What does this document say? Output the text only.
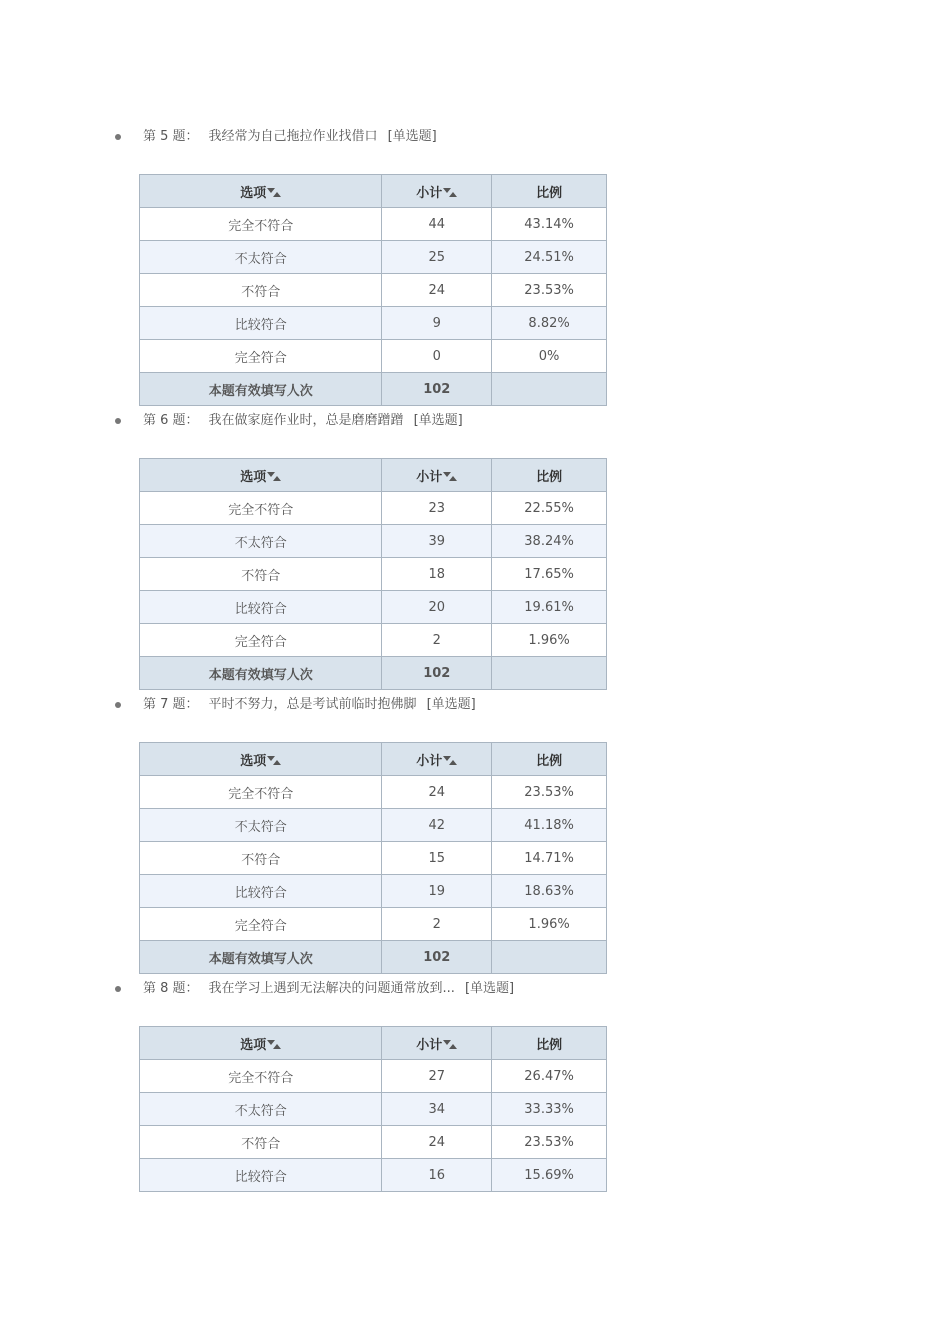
第 5 题： 我经常为自己拖拉作业找借口 [单选题]
选项	小计	比例
完全不符合	44	43.14%
不太符合	25	24.51%
不符合	24	23.53%
比较符合	9	8.82%
完全符合	0	0%
本题有效填写人次	102	
第 6 题： 我在做家庭作业时，总是磨磨蹭蹭 [单选题]
选项	小计	比例
完全不符合	23	22.55%
不太符合	39	38.24%
不符合	18	17.65%
比较符合	20	19.61%
完全符合	2	1.96%
本题有效填写人次	102	
第 7 题： 平时不努力，总是考试前临时抱佛脚 [单选题]
选项	小计	比例
完全不符合	24	23.53%
不太符合	42	41.18%
不符合	15	14.71%
比较符合	19	18.63%
完全符合	2	1.96%
本题有效填写人次	102	
第 8 题： 我在学习上遇到无法解决的问题通常放到... [单选题]
选项	小计	比例
完全不符合	27	26.47%
不太符合	34	33.33%
不符合	24	23.53%
比较符合	16	15.69%
